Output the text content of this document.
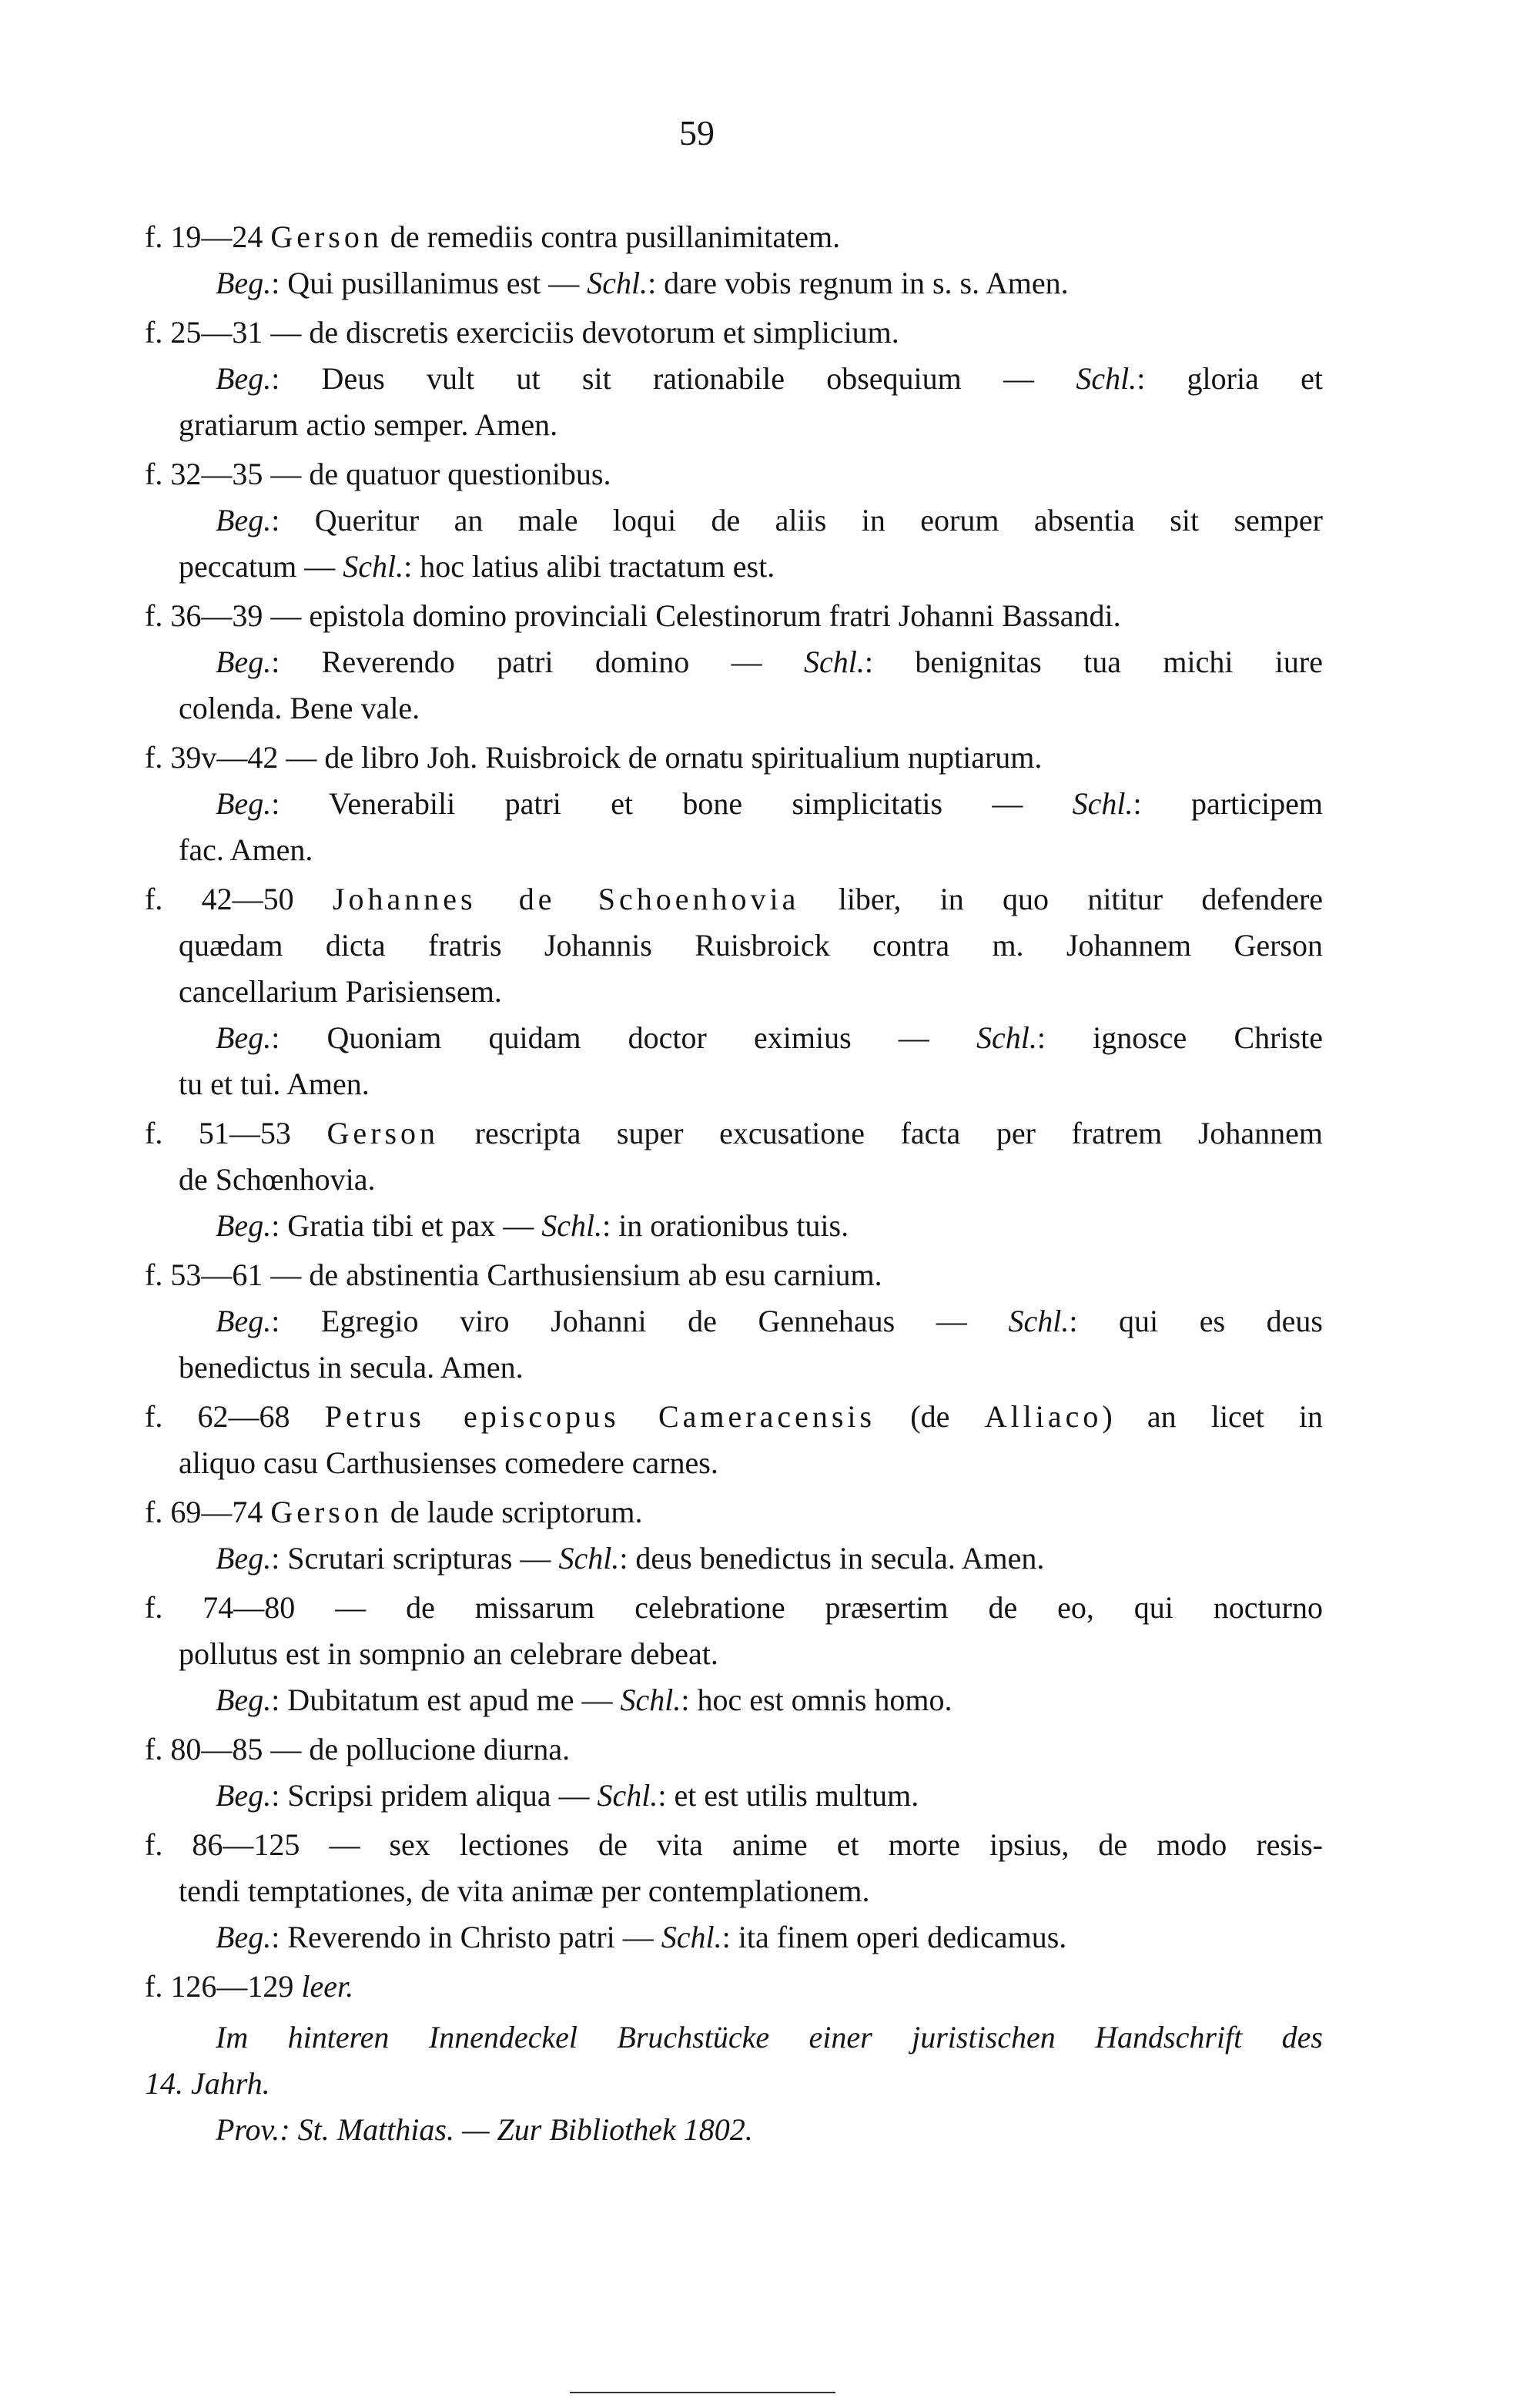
59
f. 19—24 Gerson de remediis contra pusillanimitatem.
Beg.: Qui pusillanimus est — Schl.: dare vobis regnum in s. s. Amen.
f. 25—31 — de discretis exerciciis devotorum et simplicium.
Beg.: Deus vult ut sit rationabile obsequium — Schl.: gloria et
gratiarum actio semper. Amen.
f. 32—35 — de quatuor questionibus.
Beg.: Queritur an male loqui de aliis in eorum absentia sit semper
peccatum — Schl.: hoc latius alibi tractatum est.
f. 36—39 — epistola domino provinciali Celestinorum fratri Johanni Bassandi.
Beg.: Reverendo patri domino — Schl.: benignitas tua michi iure
colenda. Bene vale.
f. 39v—42 — de libro Joh. Ruisbroick de ornatu spiritualium nuptiarum.
Beg.: Venerabili patri et bone simplicitatis — Schl.: participem
fac. Amen.
f. 42—50 Johannes de Schoenhovia liber, in quo nititur defendere
quædam dicta fratris Johannis Ruisbroick contra m. Johannem Gerson
cancellarium Parisiensem.
Beg.: Quoniam quidam doctor eximius — Schl.: ignosce Christe
tu et tui. Amen.
f. 51—53 Gerson rescripta super excusatione facta per fratrem Johannem
de Schœnhovia.
Beg.: Gratia tibi et pax — Schl.: in orationibus tuis.
f. 53—61 — de abstinentia Carthusiensium ab esu carnium.
Beg.: Egregio viro Johanni de Gennehaus — Schl.: qui es deus
benedictus in secula. Amen.
f. 62—68 Petrus episcopus Cameracensis (de Alliaco) an licet in
aliquo casu Carthusienses comedere carnes.
f. 69—74 Gerson de laude scriptorum.
Beg.: Scrutari scripturas — Schl.: deus benedictus in secula. Amen.
f. 74—80 — de missarum celebratione præsertim de eo, qui nocturno
pollutus est in sompnio an celebrare debeat.
Beg.: Dubitatum est apud me — Schl.: hoc est omnis homo.
f. 80—85 — de pollucione diurna.
Beg.: Scripsi pridem aliqua — Schl.: et est utilis multum.
f. 86—125 — sex lectiones de vita anime et morte ipsius, de modo resis-
tendi temptationes, de vita animæ per contemplationem.
Beg.: Reverendo in Christo patri — Schl.: ita finem operi dedicamus.
f. 126—129 leer.
Im hinteren Innendeckel Bruchstücke einer juristischen Handschrift des
14. Jahrh.
Prov.: St. Matthias. — Zur Bibliothek 1802.
